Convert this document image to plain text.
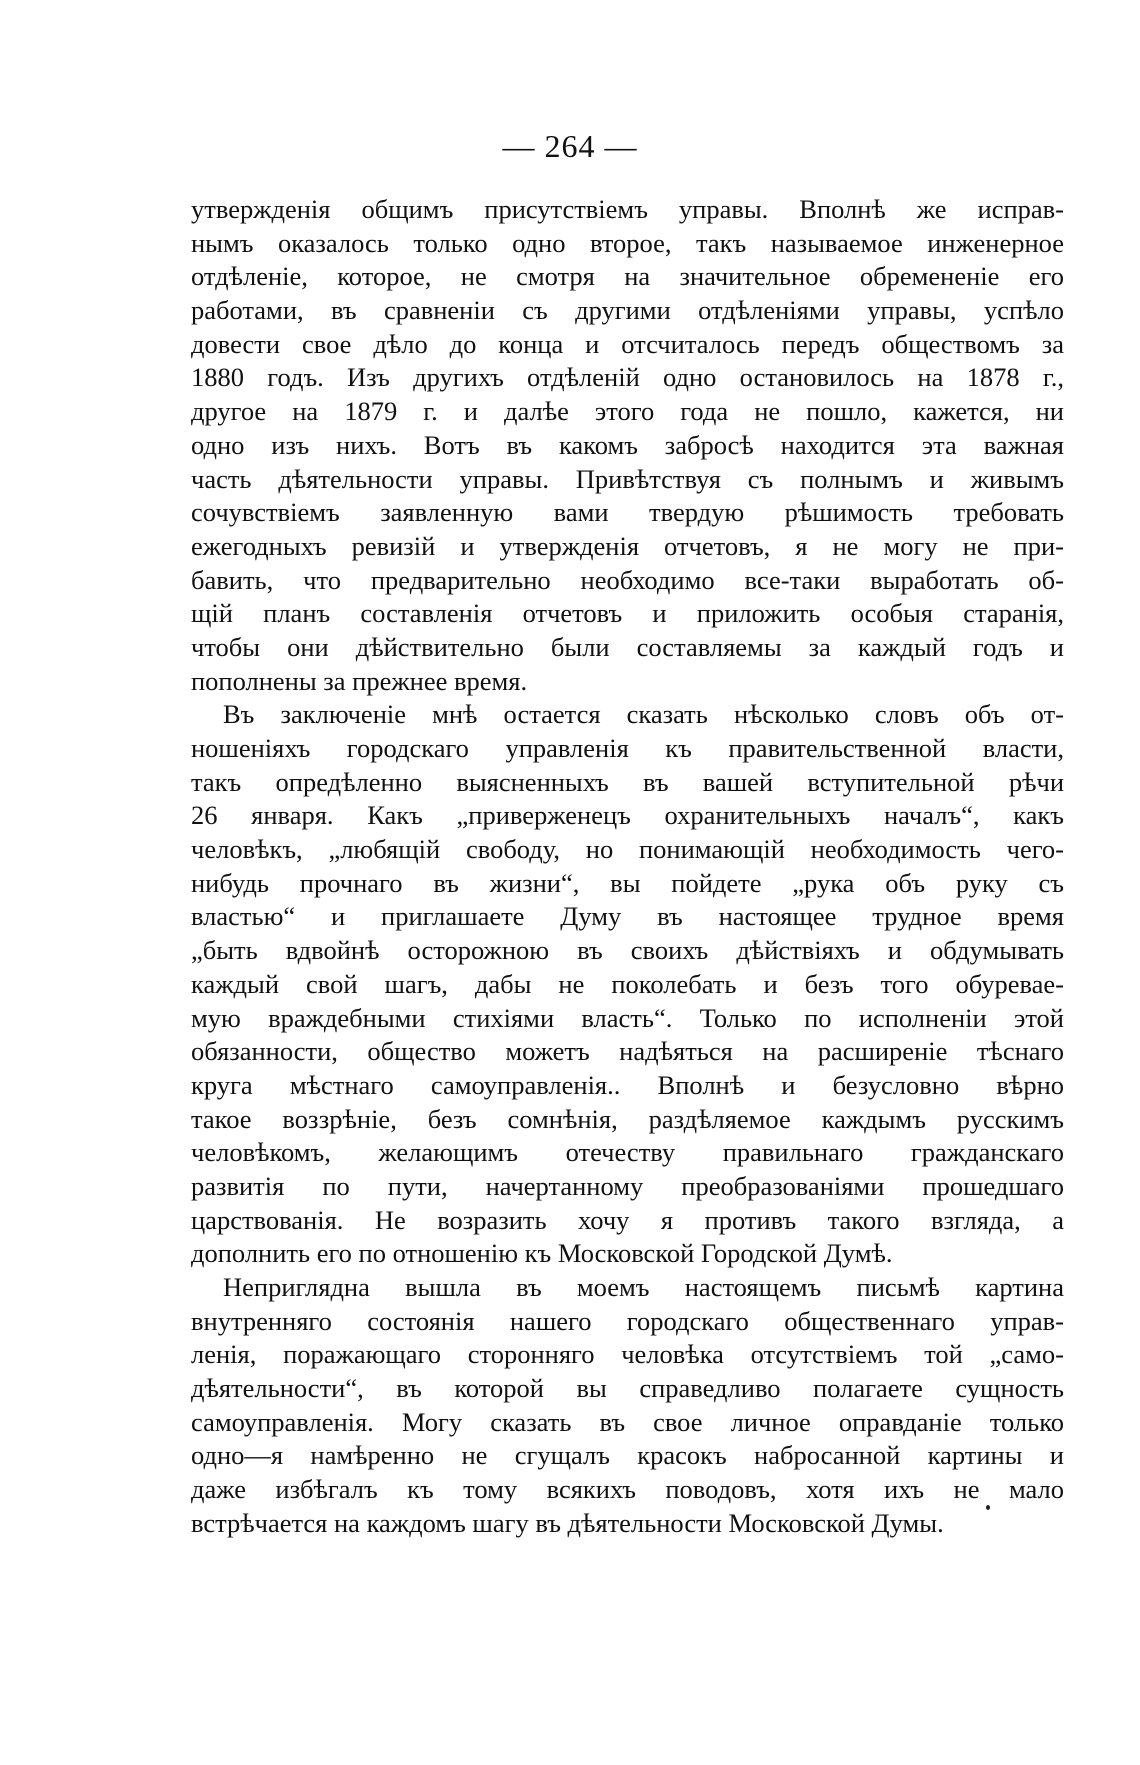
— 264 —
утвержденія общимъ присутствіемъ управы. Вполнѣ же исправ-
нымъ оказалось только одно второе, такъ называемое инженерное
отдѣленіе, которое, не смотря на значительное обремененіе его
работами, въ сравненіи съ другими отдѣленіями управы, успѣло
довести свое дѣло до конца и отсчиталось передъ обществомъ за
1880 годъ. Изъ другихъ отдѣленій одно остановилось на 1878 г.,
другое на 1879 г. и далѣе этого года не пошло, кажется, ни
одно изъ нихъ. Вотъ въ какомъ забросѣ находится эта важная
часть дѣятельности управы. Привѣтствуя съ полнымъ и живымъ
сочувствіемъ заявленную вами твердую рѣшимость требовать
ежегодныхъ ревизій и утвержденія отчетовъ, я не могу не при-
бавить, что предварительно необходимо все-таки выработать об-
щій планъ составленія отчетовъ и приложить особыя старанія,
чтобы они дѣйствительно были составляемы за каждый годъ и
пополнены за прежнее время.
Въ заключеніе мнѣ остается сказать нѣсколько словъ объ от-
ношеніяхъ городскаго управленія къ правительственной власти,
такъ опредѣленно выясненныхъ въ вашей вступительной рѣчи
26 января. Какъ „приверженецъ охранительныхъ началъ“, какъ
человѣкъ, „любящій свободу, но понимающій необходимость чего-
нибудь прочнаго въ жизни“, вы пойдете „рука объ руку съ
властью“ и приглашаете Думу въ настоящее трудное время
„быть вдвойнѣ осторожною въ своихъ дѣйствіяхъ и обдумывать
каждый свой шагъ, дабы не поколебать и безъ того обуревае-
мую враждебными стихіями власть“. Только по исполненіи этой
обязанности, общество можетъ надѣяться на расширеніе тѣснаго
круга мѣстнаго самоуправленія.. Вполнѣ и безусловно вѣрно
такое воззрѣніе, безъ сомнѣнія, раздѣляемое каждымъ русскимъ
человѣкомъ, желающимъ отечеству правильнаго гражданскаго
развитія по пути, начертанному преобразованіями прошедшаго
царствованія. Не возразить хочу я противъ такого взгляда, а
дополнить его по отношенію къ Московской Городской Думѣ.
Непригляднa вышла въ моемъ настоящемъ письмѣ картина
внутренняго состоянія нашего городскаго общественнаго управ-
ленія, поражающаго сторонняго человѣка отсутствіемъ той „само-
дѣятельности“, въ которой вы справедливо полагаете сущность
самоуправленія. Могу сказать въ свое личное оправданіе только
одно—я намѣренно не сгущалъ красокъ набросанной картины и
даже избѣгалъ къ тому всякихъ поводовъ, хотя ихъ не мало
встрѣчается на каждомъ шагу въ дѣятельности Московской Думы.
